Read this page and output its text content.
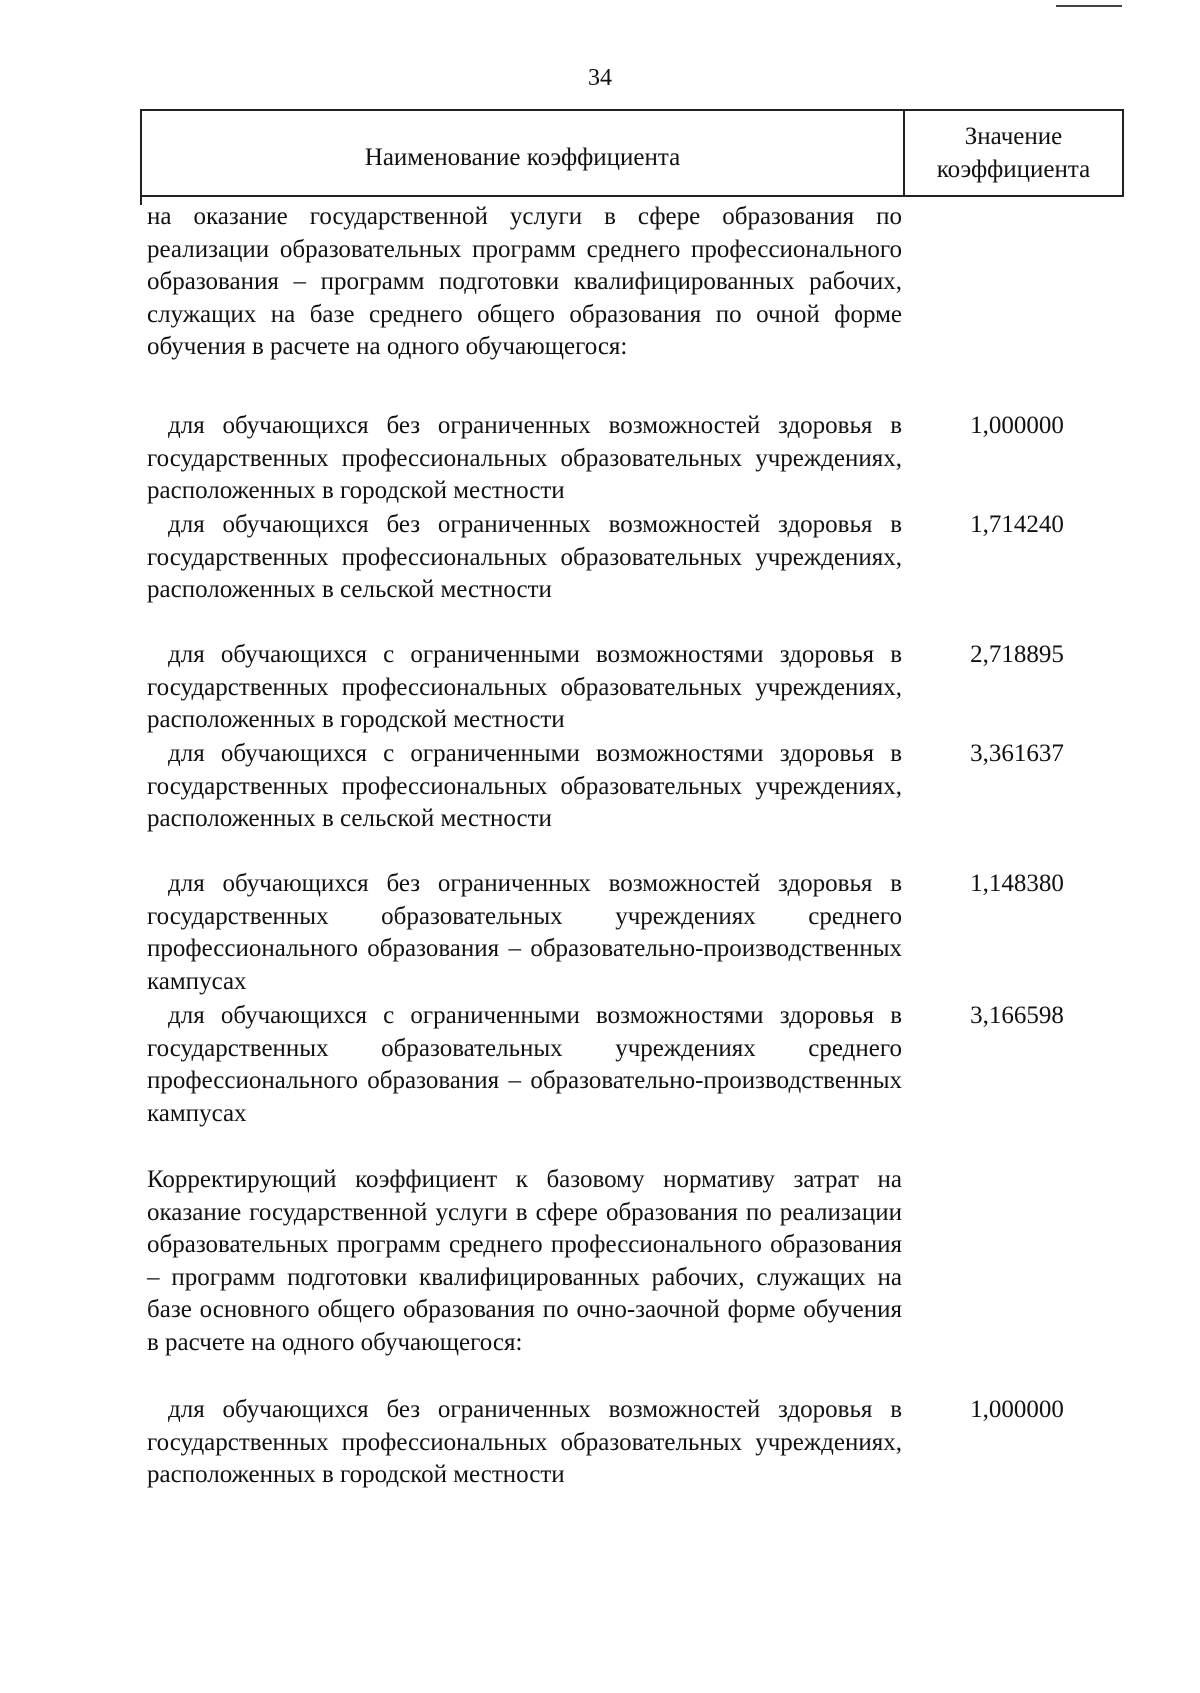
34
Наименование коэффициента
Значение
коэффициента

на оказание государственной услуги в сфере образования по реализации образовательных программ среднего профессионального образования – программ подготовки квалифицированных рабочих, служащих на базе среднего общего образования по очной форме обучения в расчете на одного обучающегося:

для обучающихся без ограниченных возможностей здоровья в государственных профессиональных образовательных учреждениях, расположенных в городской местности

1,000000

для обучающихся без ограниченных возможностей здоровья в государственных профессиональных образовательных учреждениях, расположенных в сельской местности

1,714240

для обучающихся с ограниченными возможностями здоровья в государственных профессиональных образовательных учреждениях, расположенных в городской местности

2,718895

для обучающихся с ограниченными возможностями здоровья в государственных профессиональных образовательных учреждениях, расположенных в сельской местности

3,361637

для обучающихся без ограниченных возможностей здоровья в государственных образовательных учреждениях среднего профессионального образования – образовательно-производственных кампусах

1,148380

для обучающихся с ограниченными возможностями здоровья в государственных образовательных учреждениях среднего профессионального образования – образовательно-производственных кампусах

3,166598

Корректирующий коэффициент к базовому нормативу затрат на оказание государственной услуги в сфере образования по реализации образовательных программ среднего профессионального образования – программ подготовки квалифицированных рабочих, служащих на базе основного общего образования по очно-заочной форме обучения в расчете на одного обучающегося:

для обучающихся без ограниченных возможностей здоровья в государственных профессиональных образовательных учреждениях, расположенных в городской местности

1,000000
